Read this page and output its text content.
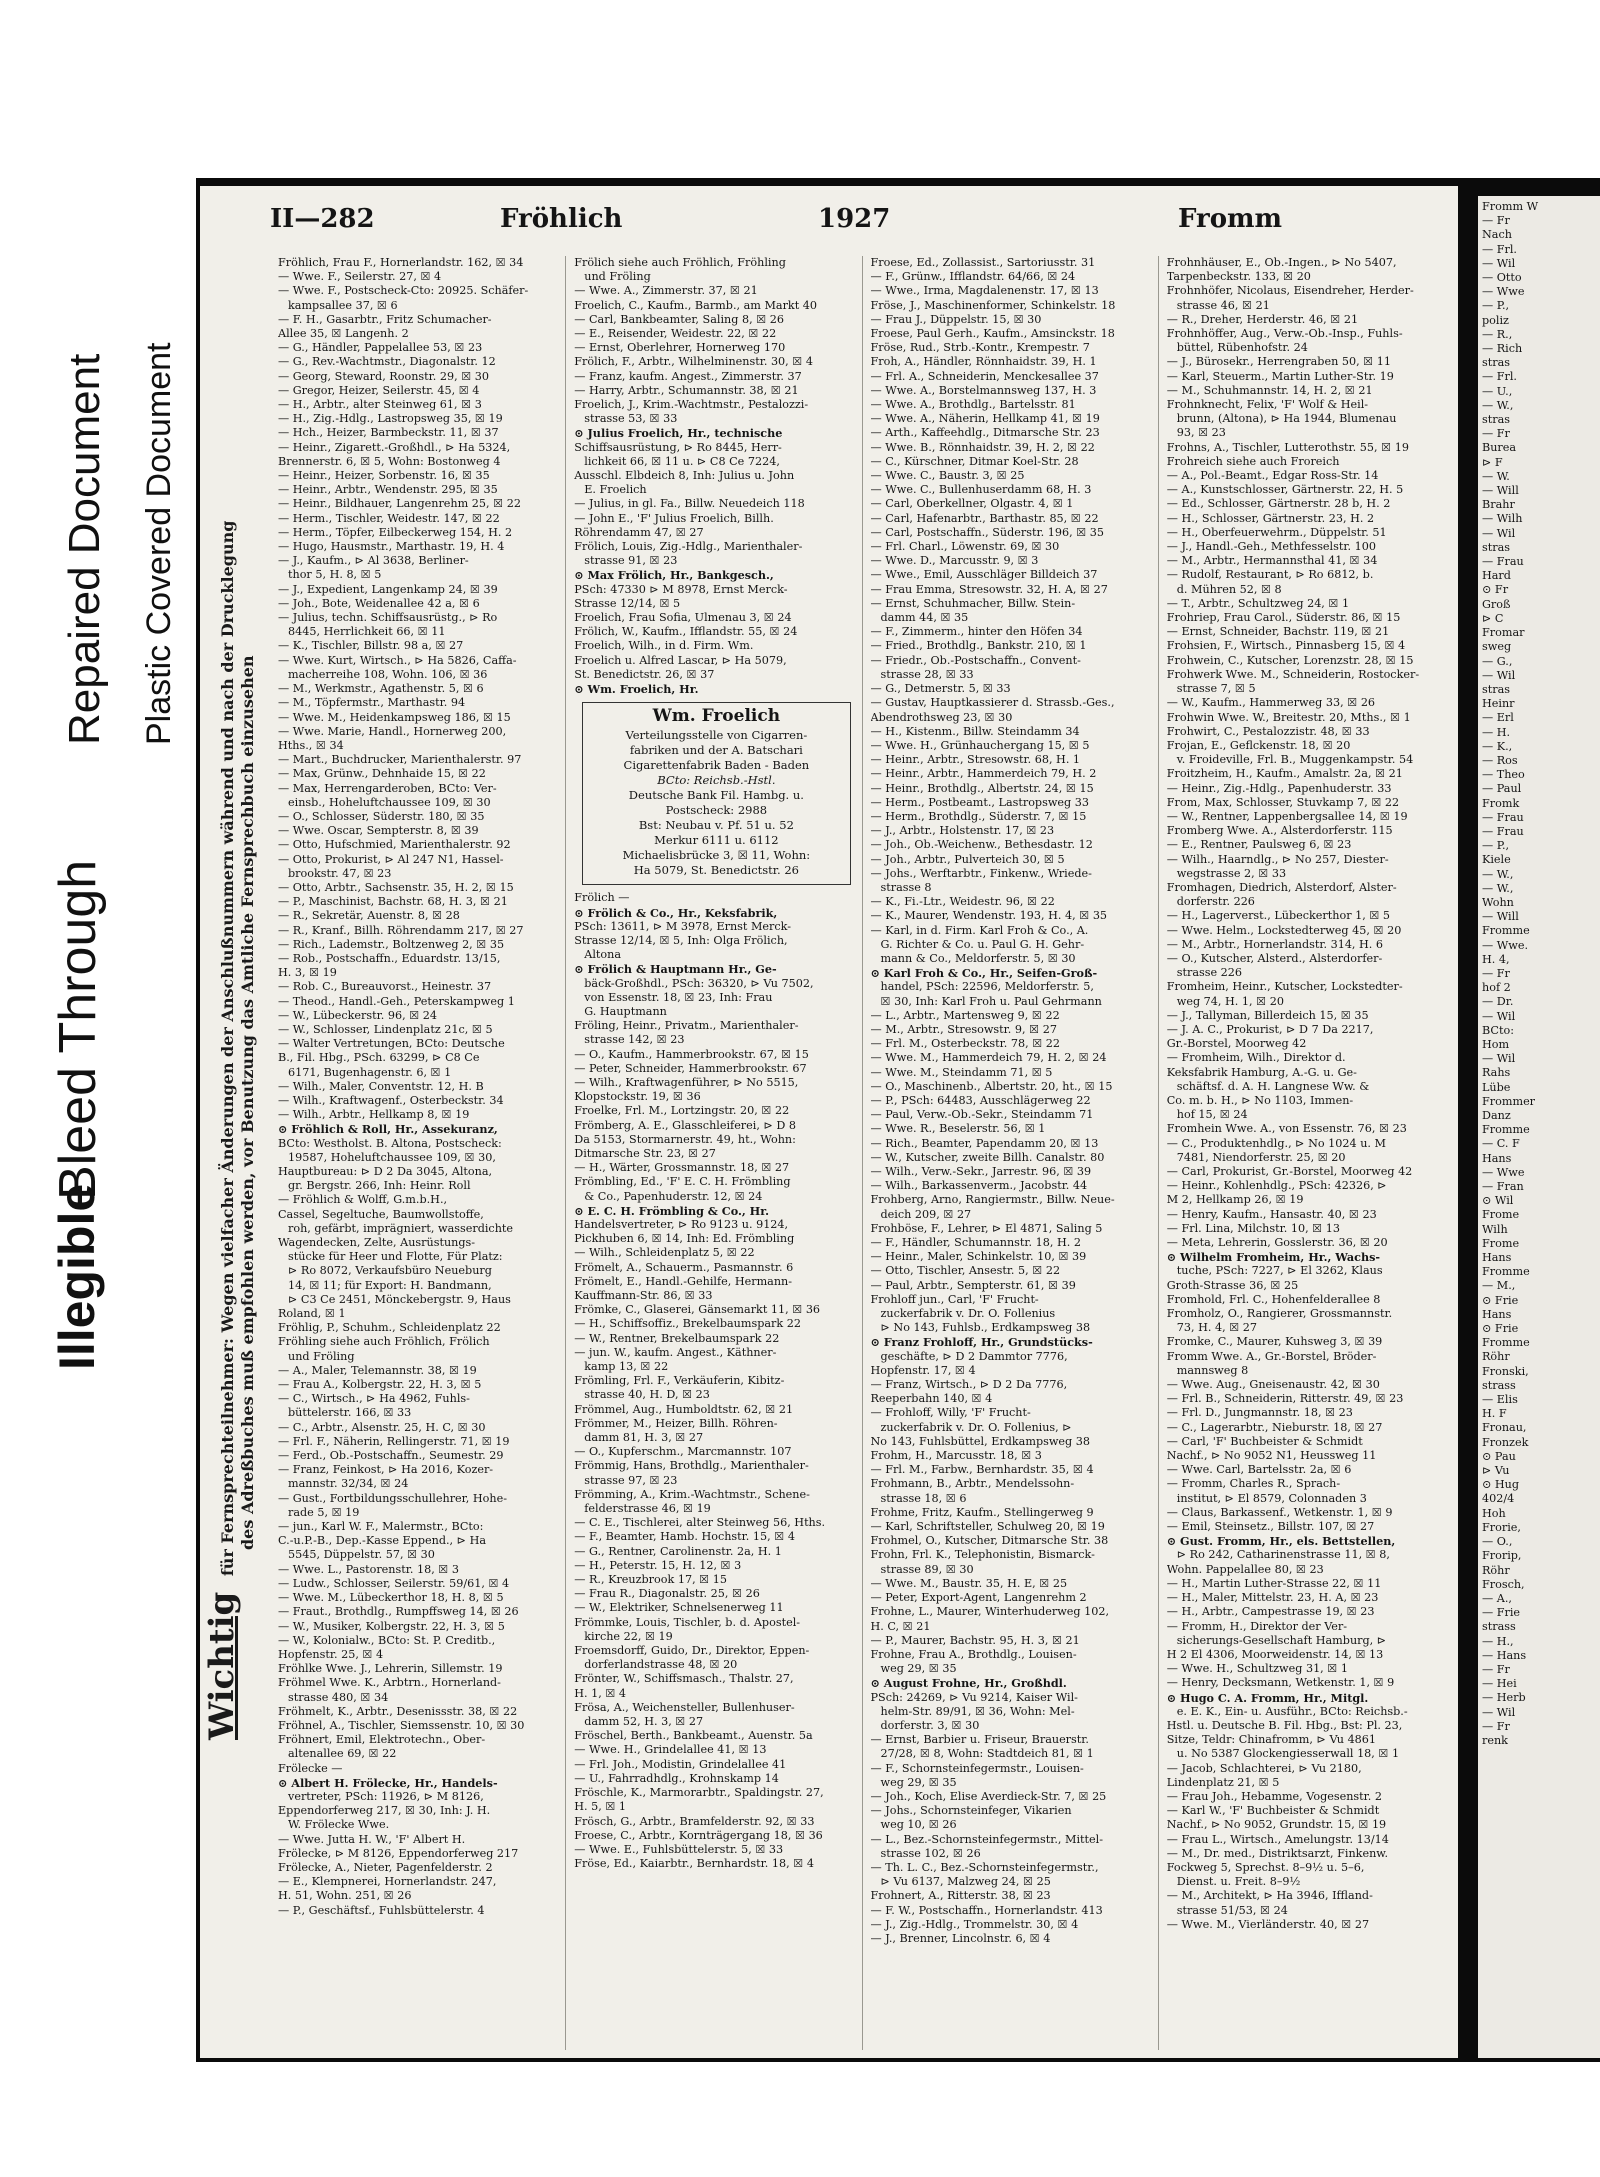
Illegible
Bleed Through
Repaired Document Plastic Covered Document
II—282	Fröhlich	1927	Fromm

Fröhlich, Frau F., Hornerlandstr. 162, ☒ 34

— Wwe. F., Seilerstr. 27, ☒ 4

— Wwe. F., Postscheck-Cto: 20925. Schäfer-

kampsallee 37, ☒ 6

— F. H., Gasarbtr., Fritz Schumacher-

Allee 35, ☒ Langenh. 2

— G., Händler, Pappelallee 53, ☒ 23

— G., Rev.-Wachtmstr., Diagonalstr. 12

— Georg, Steward, Roonstr. 29, ☒ 30

— Gregor, Heizer, Seilerstr. 45, ☒ 4

— H., Arbtr., alter Steinweg 61, ☒ 3

— H., Zig.-Hdlg., Lastropsweg 35, ☒ 19

— Hch., Heizer, Barmbeckstr. 11, ☒ 37

— Heinr., Zigarett.-Großhdl., ⊳ Ha 5324,

Brennerstr. 6, ☒ 5, Wohn: Bostonweg 4

— Heinr., Heizer, Sorbenstr. 16, ☒ 35

— Heinr., Arbtr., Wendenstr. 295, ☒ 35

— Heinr., Bildhauer, Langenrehm 25, ☒ 22

— Herm., Tischler, Weidestr. 147, ☒ 22

— Herm., Töpfer, Eilbeckerweg 154, H. 2

— Hugo, Hausmstr., Marthastr. 19, H. 4

— J., Kaufm., ⊳ Al 3638, Berliner-

thor 5, H. 8, ☒ 5

— J., Expedient, Langenkamp 24, ☒ 39

— Joh., Bote, Weidenallee 42 a, ☒ 6

— Julius, techn. Schiffsausrüstg., ⊳ Ro

8445, Herrlichkeit 66, ☒ 11

— K., Tischler, Billstr. 98 a, ☒ 27

— Wwe. Kurt, Wirtsch., ⊳ Ha 5826, Caffa-

macherreihe 108, Wohn. 106, ☒ 36

— M., Werkmstr., Agathenstr. 5, ☒ 6

— M., Töpfermstr., Marthastr. 94

— Wwe. M., Heidenkampsweg 186, ☒ 15

— Wwe. Marie, Handl., Hornerweg 200,

Hths., ☒ 34

— Mart., Buchdrucker, Marienthalerstr. 97

— Max, Grünw., Dehnhaide 15, ☒ 22

— Max, Herrengarderoben, BCto: Ver-

einsb., Hoheluftchaussee 109, ☒ 30

— O., Schlosser, Süderstr. 180, ☒ 35

— Wwe. Oscar, Sempterstr. 8, ☒ 39

— Otto, Hufschmied, Marienthalerstr. 92

— Otto, Prokurist, ⊳ Al 247 N1, Hassel-

brookstr. 47, ☒ 23

— Otto, Arbtr., Sachsenstr. 35, H. 2, ☒ 15

— P., Maschinist, Bachstr. 68, H. 3, ☒ 21

— R., Sekretär, Auenstr. 8, ☒ 28

— R., Kranf., Billh. Röhrendamm 217, ☒ 27

— Rich., Lademstr., Boltzenweg 2, ☒ 35

— Rob., Postschaffn., Eduardstr. 13/15,

H. 3, ☒ 19

— Rob. C., Bureauvorst., Heinestr. 37

— Theod., Handl.-Geh., Peterskampweg 1

— W., Lübeckerstr. 96, ☒ 24

— W., Schlosser, Lindenplatz 21c, ☒ 5

— Walter Vertretungen, BCto: Deutsche

B., Fil. Hbg., PSch. 63299, ⊳ C8 Ce

6171, Bugenhagenstr. 6, ☒ 1

— Wilh., Maler, Conventstr. 12, H. B

— Wilh., Kraftwagenf., Osterbeckstr. 34

— Wilh., Arbtr., Hellkamp 8, ☒ 19

⊙ Fröhlich & Roll, Hr., Assekuranz,

BCto: Westholst. B. Altona, Postscheck:

19587, Hoheluftchaussee 109, ☒ 30,

Hauptbureau: ⊳ D 2 Da 3045, Altona,

gr. Bergstr. 266, Inh: Heinr. Roll

— Fröhlich & Wolff, G.m.b.H.,

Cassel, Segeltuche, Baumwollstoffe,

roh, gefärbt, imprägniert, wasserdichte

Wagendecken, Zelte, Ausrüstungs-

stücke für Heer und Flotte, Für Platz:

⊳ Ro 8072, Verkaufsbüro Neueburg

14, ☒ 11; für Export: H. Bandmann,

⊳ C3 Ce 2451, Mönckebergstr. 9, Haus

Roland, ☒ 1

Fröhlig, P., Schuhm., Schleidenplatz 22

Fröhling siehe auch Fröhlich, Frölich

und Fröling

— A., Maler, Telemannstr. 38, ☒ 19

— Frau A., Kolbergstr. 22, H. 3, ☒ 5

— C., Wirtsch., ⊳ Ha 4962, Fuhls-

büttelerstr. 166, ☒ 33

— C., Arbtr., Alsenstr. 25, H. C, ☒ 30

— Frl. F., Näherin, Rellingerstr. 71, ☒ 19

— Ferd., Ob.-Postschaffn., Seumestr. 29

— Franz, Feinkost, ⊳ Ha 2016, Kozer-

mannstr. 32/34, ☒ 24

— Gust., Fortbildungsschullehrer, Hohe-

rade 5, ☒ 19

— jun., Karl W. F., Malermstr., BCto:

C.-u.P.-B., Dep.-Kasse Eppend., ⊳ Ha

5545, Düppelstr. 57, ☒ 30

— Wwe. L., Pastorenstr. 18, ☒ 3

— Ludw., Schlosser, Seilerstr. 59/61, ☒ 4

— Wwe. M., Lübeckerthor 18, H. 8, ☒ 5

— Fraut., Brothdlg., Rumpffsweg 14, ☒ 26

— W., Musiker, Kolbergstr. 22, H. 3, ☒ 5

— W., Kolonialw., BCto: St. P. Creditb.,

Hopfenstr. 25, ☒ 4

Fröhlke Wwe. J., Lehrerin, Sillemstr. 19

Fröhmel Wwe. K., Arbtrn., Hornerland-

strasse 480, ☒ 34

Fröhmelt, K., Arbtr., Desenissstr. 38, ☒ 22

Fröhnel, A., Tischler, Siemssenstr. 10, ☒ 30

Fröhnert, Emil, Elektrotechn., Ober-

altenallee 69, ☒ 22

Frölecke —

⊙ Albert H. Frölecke, Hr., Handels-

vertreter, PSch: 11926, ⊳ M 8126,

Eppendorferweg 217, ☒ 30, Inh: J. H.

W. Frölecke Wwe.

— Wwe. Jutta H. W., 'F' Albert H.

Frölecke, ⊳ M 8126, Eppendorferweg 217

Frölecke, A., Nieter, Pagenfelderstr. 2

— E., Klempnerei, Hornerlandstr. 247,

H. 51, Wohn. 251, ☒ 26

— P., Geschäftsf., Fuhlsbüttelerstr. 4

Frölich siehe auch Fröhlich, Fröhling

und Fröling

— Wwe. A., Zimmerstr. 37, ☒ 21

Froelich, C., Kaufm., Barmb., am Markt 40

— Carl, Bankbeamter, Saling 8, ☒ 26

— E., Reisender, Weidestr. 22, ☒ 22

— Ernst, Oberlehrer, Hornerweg 170

Frölich, F., Arbtr., Wilhelminenstr. 30, ☒ 4

— Franz, kaufm. Angest., Zimmerstr. 37

— Harry, Arbtr., Schumannstr. 38, ☒ 21

Froelich, J., Krim.-Wachtmstr., Pestalozzi-

strasse 53, ☒ 33

⊙ Julius Froelich, Hr., technische

Schiffsausrüstung, ⊳ Ro 8445, Herr-

lichkeit 66, ☒ 11 u. ⊳ C8 Ce 7224,

Ausschl. Elbdeich 8, Inh: Julius u. John

E. Froelich

— Julius, in gl. Fa., Billw. Neuedeich 118

— John E., 'F' Julius Froelich, Billh.

Röhrendamm 47, ☒ 27

Frölich, Louis, Zig.-Hdlg., Marienthaler-

strasse 91, ☒ 23

⊙ Max Frölich, Hr., Bankgesch.,

PSch: 47330 ⊳ M 8978, Ernst Merck-

Strasse 12/14, ☒ 5

Froelich, Frau Sofia, Ulmenau 3, ☒ 24

Frölich, W., Kaufm., Ifflandstr. 55, ☒ 24

Froelich, Wilh., in d. Firm. Wm.

Froelich u. Alfred Lascar, ⊳ Ha 5079,

St. Benedictstr. 26, ☒ 37

⊙ Wm. Froelich, Hr.

Wm. Froelich
Verteilungsstelle von Cigarren-
fabriken und der A. Batschari
Cigarettenfabrik Baden - Baden
BCto: Reichsb.-Hstl.
Deutsche Bank Fil. Hambg. u.
Postscheck: 2988
Bst: Neubau v. Pf. 51 u. 52
Merkur 6111 u. 6112
Michaelisbrücke 3, ☒ 11, Wohn:
Ha 5079, St. Benedictstr. 26

Frölich —

⊙ Frölich & Co., Hr., Keksfabrik,

PSch: 13611, ⊳ M 3978, Ernst Merck-

Strasse 12/14, ☒ 5, Inh: Olga Frölich,

Altona

⊙ Frölich & Hauptmann Hr., Ge-

bäck-Großhdl., PSch: 36320, ⊳ Vu 7502,

von Essenstr. 18, ☒ 23, Inh: Frau

G. Hauptmann

Fröling, Heinr., Privatm., Marienthaler-

strasse 142, ☒ 23

— O., Kaufm., Hammerbrookstr. 67, ☒ 15

— Peter, Schneider, Hammerbrookstr. 67

— Wilh., Kraftwagenführer, ⊳ No 5515,

Klopstockstr. 19, ☒ 36

Froelke, Frl. M., Lortzingstr. 20, ☒ 22

Frömberg, A. E., Glasschleiferei, ⊳ D 8

Da 5153, Stormarnerstr. 49, ht., Wohn:

Ditmarsche Str. 23, ☒ 27

— H., Wärter, Grossmannstr. 18, ☒ 27

Frömbling, Ed., 'F' E. C. H. Frömbling

& Co., Papenhuderstr. 12, ☒ 24

⊙ E. C. H. Frömbling & Co., Hr.

Handelsvertreter, ⊳ Ro 9123 u. 9124,

Pickhuben 6, ☒ 14, Inh: Ed. Frömbling

— Wilh., Schleidenplatz 5, ☒ 22

Frömelt, A., Schauerm., Pasmannstr. 6

Frömelt, E., Handl.-Gehilfe, Hermann-

Kauffmann-Str. 86, ☒ 33

Frömke, C., Glaserei, Gänsemarkt 11, ☒ 36

— H., Schiffsoffiz., Brekelbaumspark 22

— W., Rentner, Brekelbaumspark 22

— jun. W., kaufm. Angest., Käthner-

kamp 13, ☒ 22

Frömling, Frl. F., Verkäuferin, Kibitz-

strasse 40, H. D, ☒ 23

Frömmel, Aug., Humboldtstr. 62, ☒ 21

Frömmer, M., Heizer, Billh. Röhren-

damm 81, H. 3, ☒ 27

— O., Kupferschm., Marcmannstr. 107

Frömmig, Hans, Brothdlg., Marienthaler-

strasse 97, ☒ 23

Frömming, A., Krim.-Wachtmstr., Schene-

felderstrasse 46, ☒ 19

— C. E., Tischlerei, alter Steinweg 56, Hths.

— F., Beamter, Hamb. Hochstr. 15, ☒ 4

— G., Rentner, Carolinenstr. 2a, H. 1

— H., Peterstr. 15, H. 12, ☒ 3

— R., Kreuzbrook 17, ☒ 15

— Frau R., Diagonalstr. 25, ☒ 26

— W., Elektriker, Schnelsenerweg 11

Frömmke, Louis, Tischler, b. d. Apostel-

kirche 22, ☒ 19

Froemsdorff, Guido, Dr., Direktor, Eppen-

dorferlandstrasse 48, ☒ 20

Frönter, W., Schiffsmasch., Thalstr. 27,

H. 1, ☒ 4

Frösa, A., Weichensteller, Bullenhuser-

damm 52, H. 3, ☒ 27

Fröschel, Berth., Bankbeamt., Auenstr. 5a

— Wwe. H., Grindelallee 41, ☒ 13

— Frl. Joh., Modistin, Grindelallee 41

— U., Fahrradhdlg., Krohnskamp 14

Fröschle, K., Marmorarbtr., Spaldingstr. 27,

H. 5, ☒ 1

Frösch, G., Arbtr., Bramfelderstr. 92, ☒ 33

Froese, C., Arbtr., Kornträgergang 18, ☒ 36

— Wwe. E., Fuhlsbüttelerstr. 5, ☒ 33

Fröse, Ed., Kaiarbtr., Bernhardstr. 18, ☒ 4

Froese, Ed., Zollassist., Sartoriusstr. 31

— F., Grünw., Ifflandstr. 64/66, ☒ 24

— Wwe., Irma, Magdalenenstr. 17, ☒ 13

Fröse, J., Maschinenformer, Schinkelstr. 18

— Frau J., Düppelstr. 15, ☒ 30

Froese, Paul Gerh., Kaufm., Amsinckstr. 18

Fröse, Rud., Strb.-Kontr., Krempestr. 7

Froh, A., Händler, Rönnhaidstr. 39, H. 1

— Frl. A., Schneiderin, Menckesallee 37

— Wwe. A., Borstelmannsweg 137, H. 3

— Wwe. A., Brothdlg., Bartelsstr. 81

— Wwe. A., Näherin, Hellkamp 41, ☒ 19

— Arth., Kaffeehdlg., Ditmarsche Str. 23

— Wwe. B., Rönnhaidstr. 39, H. 2, ☒ 22

— C., Kürschner, Ditmar Koel-Str. 28

— Wwe. C., Baustr. 3, ☒ 25

— Wwe. C., Bullenhuserdamm 68, H. 3

— Carl, Oberkellner, Olgastr. 4, ☒ 1

— Carl, Hafenarbtr., Barthastr. 85, ☒ 22

— Carl, Postschaffn., Süderstr. 196, ☒ 35

— Frl. Charl., Löwenstr. 69, ☒ 30

— Wwe. D., Marcusstr. 9, ☒ 3

— Wwe., Emil, Ausschläger Billdeich 37

— Frau Emma, Stresowstr. 32, H. A, ☒ 27

— Ernst, Schuhmacher, Billw. Stein-

damm 44, ☒ 35

— F., Zimmerm., hinter den Höfen 34

— Fried., Brothdlg., Bankstr. 210, ☒ 1

— Friedr., Ob.-Postschaffn., Convent-

strasse 28, ☒ 33

— G., Detmerstr. 5, ☒ 33

— Gustav, Hauptkassierer d. Strassb.-Ges.,

Abendrothsweg 23, ☒ 30

— H., Kistenm., Billw. Steindamm 34

— Wwe. H., Grünhauchergang 15, ☒ 5

— Heinr., Arbtr., Stresowstr. 68, H. 1

— Heinr., Arbtr., Hammerdeich 79, H. 2

— Heinr., Brothdlg., Albertstr. 24, ☒ 15

— Herm., Postbeamt., Lastropsweg 33

— Herm., Brothdlg., Süderstr. 7, ☒ 15

— J., Arbtr., Holstenstr. 17, ☒ 23

— Joh., Ob.-Weichenw., Bethesdastr. 12

— Joh., Arbtr., Pulverteich 30, ☒ 5

— Johs., Werftarbtr., Finkenw., Wriede-

strasse 8

— K., Fi.-Ltr., Weidestr. 96, ☒ 22

— K., Maurer, Wendenstr. 193, H. 4, ☒ 35

— Karl, in d. Firm. Karl Froh & Co., A.

G. Richter & Co. u. Paul G. H. Gehr-

mann & Co., Meldorferstr. 5, ☒ 30

⊙ Karl Froh & Co., Hr., Seifen-Groß-

handel, PSch: 22596, Meldorferstr. 5,

☒ 30, Inh: Karl Froh u. Paul Gehrmann

— L., Arbtr., Martensweg 9, ☒ 22

— M., Arbtr., Stresowstr. 9, ☒ 27

— Frl. M., Osterbeckstr. 78, ☒ 22

— Wwe. M., Hammerdeich 79, H. 2, ☒ 24

— Wwe. M., Steindamm 71, ☒ 5

— O., Maschinenb., Albertstr. 20, ht., ☒ 15

— P., PSch: 64483, Ausschlägerweg 22

— Paul, Verw.-Ob.-Sekr., Steindamm 71

— Wwe. R., Beselerstr. 56, ☒ 1

— Rich., Beamter, Papendamm 20, ☒ 13

— W., Kutscher, zweite Billh. Canalstr. 80

— Wilh., Verw.-Sekr., Jarrestr. 96, ☒ 39

— Wilh., Barkassenverm., Jacobstr. 44

Frohberg, Arno, Rangiermstr., Billw. Neue-

deich 209, ☒ 27

Frohböse, F., Lehrer, ⊳ El 4871, Saling 5

— F., Händler, Schumannstr. 18, H. 2

— Heinr., Maler, Schinkelstr. 10, ☒ 39

— Otto, Tischler, Ansestr. 5, ☒ 22

— Paul, Arbtr., Sempterstr. 61, ☒ 39

Frohloff jun., Carl, 'F' Frucht-

zuckerfabrik v. Dr. O. Follenius

⊳ No 143, Fuhlsb., Erdkampsweg 38

⊙ Franz Frohloff, Hr., Grundstücks-

geschäfte, ⊳ D 2 Dammtor 7776,

Hopfenstr. 17, ☒ 4

— Franz, Wirtsch., ⊳ D 2 Da 7776,

Reeperbahn 140, ☒ 4

— Frohloff, Willy, 'F' Frucht-

zuckerfabrik v. Dr. O. Follenius, ⊳

No 143, Fuhlsbüttel, Erdkampsweg 38

Frohm, H., Marcusstr. 18, ☒ 3

— Frl. M., Farbw., Bernhardstr. 35, ☒ 4

Frohmann, B., Arbtr., Mendelssohn-

strasse 18, ☒ 6

Frohme, Fritz, Kaufm., Stellingerweg 9

— Karl, Schriftsteller, Schulweg 20, ☒ 19

Frohmel, O., Kutscher, Ditmarsche Str. 38

Frohn, Frl. K., Telephonistin, Bismarck-

strasse 89, ☒ 30

— Wwe. M., Baustr. 35, H. E, ☒ 25

— Peter, Export-Agent, Langenrehm 2

Frohne, L., Maurer, Winterhuderweg 102,

H. C, ☒ 21

— P., Maurer, Bachstr. 95, H. 3, ☒ 21

Frohne, Frau A., Brothdlg., Louisen-

weg 29, ☒ 35

⊙ August Frohne, Hr., Großhdl.

PSch: 24269, ⊳ Vu 9214, Kaiser Wil-

helm-Str. 89/91, ☒ 36, Wohn: Mel-

dorferstr. 3, ☒ 30

— Ernst, Barbier u. Friseur, Brauerstr.

27/28, ☒ 8, Wohn: Stadtdeich 81, ☒ 1

— F., Schornsteinfegermstr., Louisen-

weg 29, ☒ 35

— Joh., Koch, Elise Averdieck-Str. 7, ☒ 25

— Johs., Schornsteinfeger, Vikarien

weg 10, ☒ 26

— L., Bez.-Schornsteinfegermstr., Mittel-

strasse 102, ☒ 26

— Th. L. C., Bez.-Schornsteinfegermstr.,

⊳ Vu 6137, Malzweg 24, ☒ 25

Frohnert, A., Ritterstr. 38, ☒ 23

— F. W., Postschaffn., Hornerlandstr. 413

— J., Zig.-Hdlg., Trommelstr. 30, ☒ 4

— J., Brenner, Lincolnstr. 6, ☒ 4

Frohnhäuser, E., Ob.-Ingen., ⊳ No 5407,

Tarpenbeckstr. 133, ☒ 20

Frohnhöfer, Nicolaus, Eisendreher, Herder-

strasse 46, ☒ 21

— R., Dreher, Herderstr. 46, ☒ 21

Frohnhöffer, Aug., Verw.-Ob.-Insp., Fuhls-

büttel, Rübenhofstr. 24

— J., Bürosekr., Herrengraben 50, ☒ 11

— Karl, Steuerm., Martin Luther-Str. 19

— M., Schuhmannstr. 14, H. 2, ☒ 21

Frohnknecht, Felix, 'F' Wolf & Heil-

brunn, (Altona), ⊳ Ha 1944, Blumenau

93, ☒ 23

Frohns, A., Tischler, Lutterothstr. 55, ☒ 19

Frohreich siehe auch Froreich

— A., Pol.-Beamt., Edgar Ross-Str. 14

— A., Kunstschlosser, Gärtnerstr. 22, H. 5

— Ed., Schlosser, Gärtnerstr. 28 b, H. 2

— H., Schlosser, Gärtnerstr. 23, H. 2

— H., Oberfeuerwehrm., Düppelstr. 51

— J., Handl.-Geh., Methfesselstr. 100

— M., Arbtr., Hermannsthal 41, ☒ 34

— Rudolf, Restaurant, ⊳ Ro 6812, b.

d. Mühren 52, ☒ 8

— T., Arbtr., Schultzweg 24, ☒ 1

Frohriep, Frau Carol., Süderstr. 86, ☒ 15

— Ernst, Schneider, Bachstr. 119, ☒ 21

Frohsien, F., Wirtsch., Pinnasberg 15, ☒ 4

Frohwein, C., Kutscher, Lorenzstr. 28, ☒ 15

Frohwerk Wwe. M., Schneiderin, Rostocker-

strasse 7, ☒ 5

— W., Kaufm., Hammerweg 33, ☒ 26

Frohwin Wwe. W., Breitestr. 20, Mths., ☒ 1

Frohwirt, C., Pestalozzistr. 48, ☒ 33

Frojan, E., Geflckenstr. 18, ☒ 20

v. Froideville, Frl. B., Muggenkampstr. 54

Froitzheim, H., Kaufm., Amalstr. 2a, ☒ 21

— Heinr., Zig.-Hdlg., Papenhuderstr. 33

From, Max, Schlosser, Stuvkamp 7, ☒ 22

— W., Rentner, Lappenbergsallee 14, ☒ 19

Fromberg Wwe. A., Alsterdorferstr. 115

— E., Rentner, Paulsweg 6, ☒ 23

— Wilh., Haarndlg., ⊳ No 257, Diester-

wegstrasse 2, ☒ 33

Fromhagen, Diedrich, Alsterdorf, Alster-

dorferstr. 226

— H., Lagerverst., Lübeckerthor 1, ☒ 5

— Wwe. Helm., Lockstedterweg 45, ☒ 20

— M., Arbtr., Hornerlandstr. 314, H. 6

— O., Kutscher, Alsterd., Alsterdorfer-

strasse 226

Fromheim, Heinr., Kutscher, Lockstedter-

weg 74, H. 1, ☒ 20

— J., Tallyman, Billerdeich 15, ☒ 35

— J. A. C., Prokurist, ⊳ D 7 Da 2217,

Gr.-Borstel, Moorweg 42

— Fromheim, Wilh., Direktor d.

Keksfabrik Hamburg, A.-G. u. Ge-

schäftsf. d. A. H. Langnese Ww. &

Co. m. b. H., ⊳ No 1103, Immen-

hof 15, ☒ 24

Fromhein Wwe. A., von Essenstr. 76, ☒ 23

— C., Produktenhdlg., ⊳ No 1024 u. M

7481, Niendorferstr. 25, ☒ 20

— Carl, Prokurist, Gr.-Borstel, Moorweg 42

— Heinr., Kohlenhdlg., PSch: 42326, ⊳

M 2, Hellkamp 26, ☒ 19

— Henry, Kaufm., Hansastr. 40, ☒ 23

— Frl. Lina, Milchstr. 10, ☒ 13

— Meta, Lehrerin, Gosslerstr. 36, ☒ 20

⊙ Wilhelm Fromheim, Hr., Wachs-

tuche, PSch: 7227, ⊳ El 3262, Klaus

Groth-Strasse 36, ☒ 25

Fromhold, Frl. C., Hohenfelderallee 8

Fromholz, O., Rangierer, Grossmannstr.

73, H. 4, ☒ 27

Fromke, C., Maurer, Kuhsweg 3, ☒ 39

Fromm Wwe. A., Gr.-Borstel, Bröder-

mannsweg 8

— Wwe. Aug., Gneisenaustr. 42, ☒ 30

— Frl. B., Schneiderin, Ritterstr. 49, ☒ 23

— Frl. D., Jungmannstr. 18, ☒ 23

— C., Lagerarbtr., Nieburstr. 18, ☒ 27

— Carl, 'F' Buchbeister & Schmidt

Nachf., ⊳ No 9052 N1, Heussweg 11

— Wwe. Carl, Bartelsstr. 2a, ☒ 6

— Fromm, Charles R., Sprach-

institut, ⊳ El 8579, Colonnaden 3

— Claus, Barkassenf., Wetkenstr. 1, ☒ 9

— Emil, Steinsetz., Billstr. 107, ☒ 27

⊙ Gust. Fromm, Hr., els. Bettstellen,

⊳ Ro 242, Catharinenstrasse 11, ☒ 8,

Wohn. Pappelallee 80, ☒ 23

— H., Martin Luther-Strasse 22, ☒ 11

— H., Maler, Mittelstr. 23, H. A, ☒ 23

— H., Arbtr., Campestrasse 19, ☒ 23

— Fromm, H., Direktor der Ver-

sicherungs-Gesellschaft Hamburg, ⊳

H 2 El 4306, Moorweidenstr. 14, ☒ 13

— Wwe. H., Schultzweg 31, ☒ 1

— Henry, Decksmann, Wetkenstr. 1, ☒ 9

⊙ Hugo C. A. Fromm, Hr., Mitgl.

e. E. K., Ein- u. Ausführ., BCto: Reichsb.-

Hstl. u. Deutsche B. Fil. Hbg., Bst: Pl. 23,

Sitze, Teldr: Chinafromm, ⊳ Vu 4861

u. No 5387 Glockengiesserwall 18, ☒ 1

— Jacob, Schlachterei, ⊳ Vu 2180,

Lindenplatz 21, ☒ 5

— Frau Joh., Hebamme, Vogesenstr. 2

— Karl W., 'F' Buchbeister & Schmidt

Nachf., ⊳ No 9052, Grundstr. 15, ☒ 19

— Frau L., Wirtsch., Amelungstr. 13/14

— M., Dr. med., Distriktsarzt, Finkenw.

Fockweg 5, Sprechst. 8–9½ u. 5–6,

Dienst. u. Freit. 8–9½

— M., Architekt, ⊳ Ha 3946, Iffland-

strasse 51/53, ☒ 24

— Wwe. M., Vierländerstr. 40, ☒ 27

Wichtig für Fernsprechteilnehmer: Wegen vielfacher Änderungen der Anschlußnummern während und nach der Drucklegung des Adreßbuches muß empfohlen werden, vor Benutzung das Amtliche Fernsprechbuch einzusehen

Fromm W

— Fr

Nach

— Frl.

— Wil

— Otto

— Wwe

— P.,

poliz

— R.,

— Rich

stras

— Frl.

— U.,

— W.,

stras

— Fr

Burea

⊳ F

— W.

— Will

Brahr

— Wilh

— Wil

stras

— Frau

Hard

⊙ Fr

Groß

⊳ C

Fromar

sweg

— G.,

— Wil

stras

Heinr

— Erl

— H.

— K.,

— Ros

— Theo

— Paul

Fromk

— Frau

— Frau

— P.,

Kiele

— W.,

— W.,

Wohn

— Will

Fromme

— Wwe.

H. 4,

— Fr

hof 2

— Dr.

— Wil

BCto:

Hom

— Wil

Rahs

Lübe

Frommer

Danz

Fromme

— C. F

Hans

— Wwe

— Fran

⊙ Wil

Frome

Wilh

Frome

Hans

Fromme

— M.,

⊙ Frie

Hans

⊙ Frie

Fromme

Röhr

Fronski,

strass

— Elis

H. F

Fronau,

Fronzek

⊙ Pau

⊳ Vu

⊙ Hug

402/4

Hoh

Frorie,

— O.,

Frorip,

Röhr

Frosch,

— A.,

— Frie

strass

— H.,

— Hans

— Fr

— Hei

— Herb

— Wil

— Fr

renk
